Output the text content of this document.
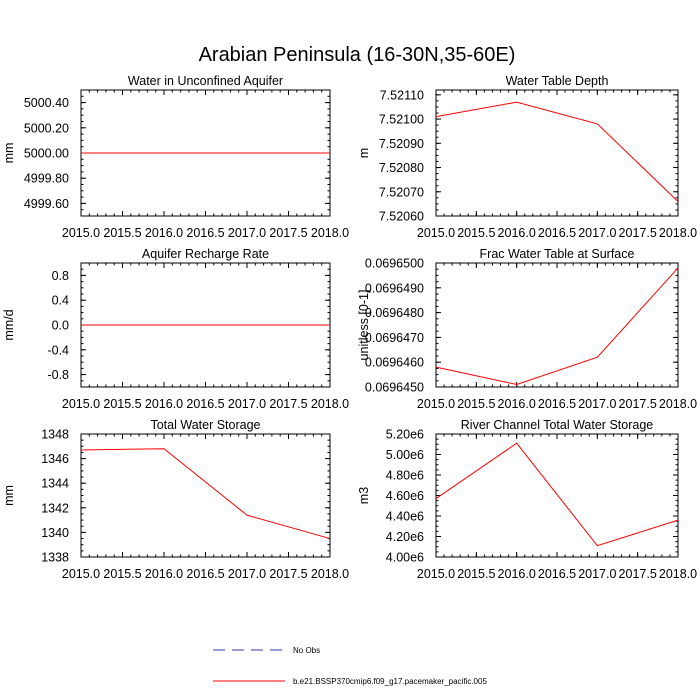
Arabian Peninsula (16-30N,35-60E)
Water in Unconfined Aquifer
mm
2015.0 2015.5 2016.0 2016.5 2017.0 2017.5 2018.0
4999.60
4999.80
5000.00
5000.20
5000.40
Water Table Depth
m
2015.0 2015.5 2016.0 2016.5 2017.0 2017.5 2018.0
7.52060
7.52070
7.52080
7.52090
7.52100
7.52110
Aquifer Recharge Rate
mm/d
2015.0 2015.5 2016.0 2016.5 2017.0 2017.5 2018.0
-0.8
-0.4
0.0
0.4
0.8
Frac Water Table at Surface
unitless [0-1]
2015.0 2015.5 2016.0 2016.5 2017.0 2017.5 2018.0
0.0696450
0.0696460
0.0696470
0.0696480
0.0696490
0.0696500
Total Water Storage
mm
2015.0 2015.5 2016.0 2016.5 2017.0 2017.5 2018.0
1338
1340
1342
1344
1346
1348
River Channel Total Water Storage
m3
2015.0 2015.5 2016.0 2016.5 2017.0 2017.5 2018.0
4.00e6
4.20e6
4.40e6
4.60e6
4.80e6
5.00e6
5.20e6
No Obs
b.e21.BSSP370cmip6.f09_g17.pacemaker_pacific.005
